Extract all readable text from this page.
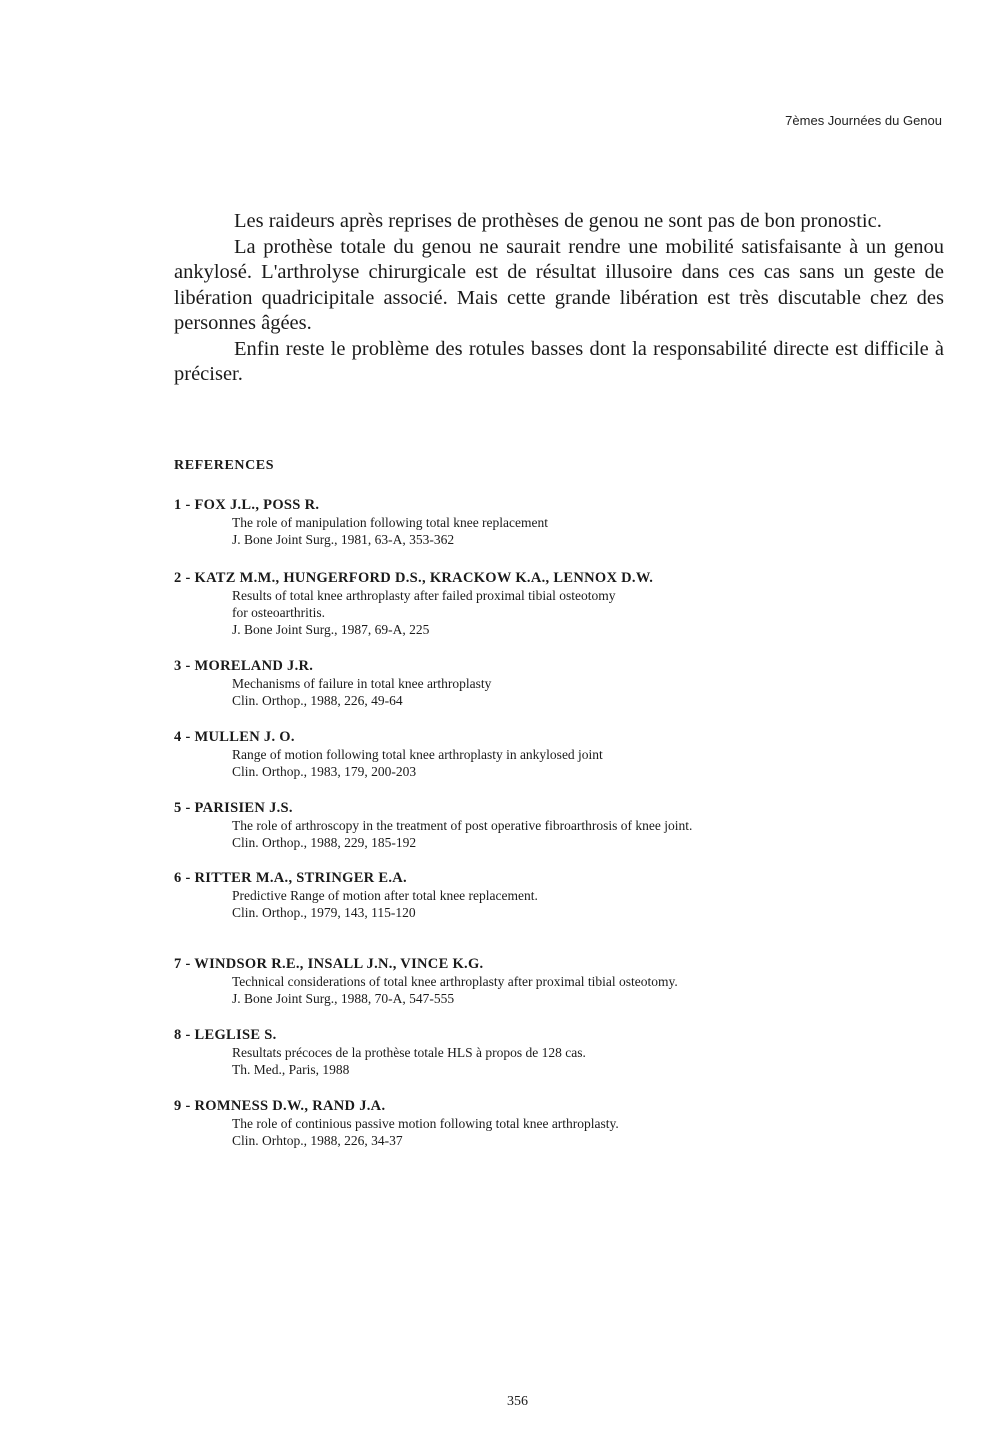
7èmes Journées du Genou

Les raideurs après reprises de prothèses de genou ne sont pas de bon pronostic.

La prothèse totale du genou ne saurait rendre une mobilité satisfaisante à un genou ankylosé. L'arthrolyse chirurgicale est de résultat illusoire dans ces cas sans un geste de libération quadricipitale associé. Mais cette grande libération est très discutable chez des personnes âgées.

Enfin reste le problème des rotules basses dont la responsabilité directe est difficile à préciser.

REFERENCES
1 - FOX J.L., POSS R.
The role of manipulation following total knee replacement
J. Bone Joint Surg., 1981, 63-A, 353-362
2 - KATZ M.M., HUNGERFORD D.S., KRACKOW K.A., LENNOX D.W.
Results of total knee arthroplasty after failed proximal tibial osteotomy
for osteoarthritis.
J. Bone Joint Surg., 1987, 69-A, 225
3 - MORELAND J.R.
Mechanisms of failure in total knee arthroplasty
Clin. Orthop., 1988, 226, 49-64
4 - MULLEN J. O.
Range of motion following total knee arthroplasty in ankylosed joint
Clin. Orthop., 1983, 179, 200-203
5 - PARISIEN J.S.
The role of arthroscopy in the treatment of post operative fibroarthrosis of knee joint.
Clin. Orthop., 1988, 229, 185-192
6 - RITTER M.A., STRINGER E.A.
Predictive Range of motion after total knee replacement.
Clin. Orthop., 1979, 143, 115-120
7 - WINDSOR R.E., INSALL J.N., VINCE K.G.
Technical considerations of total knee arthroplasty after proximal tibial osteotomy.
J. Bone Joint Surg., 1988, 70-A, 547-555
8 - LEGLISE S.
Resultats précoces de la prothèse totale HLS à propos de 128 cas.
Th. Med., Paris, 1988
9 - ROMNESS D.W., RAND J.A.
The role of continious passive motion following total knee arthroplasty.
Clin. Orhtop., 1988, 226, 34-37
356
